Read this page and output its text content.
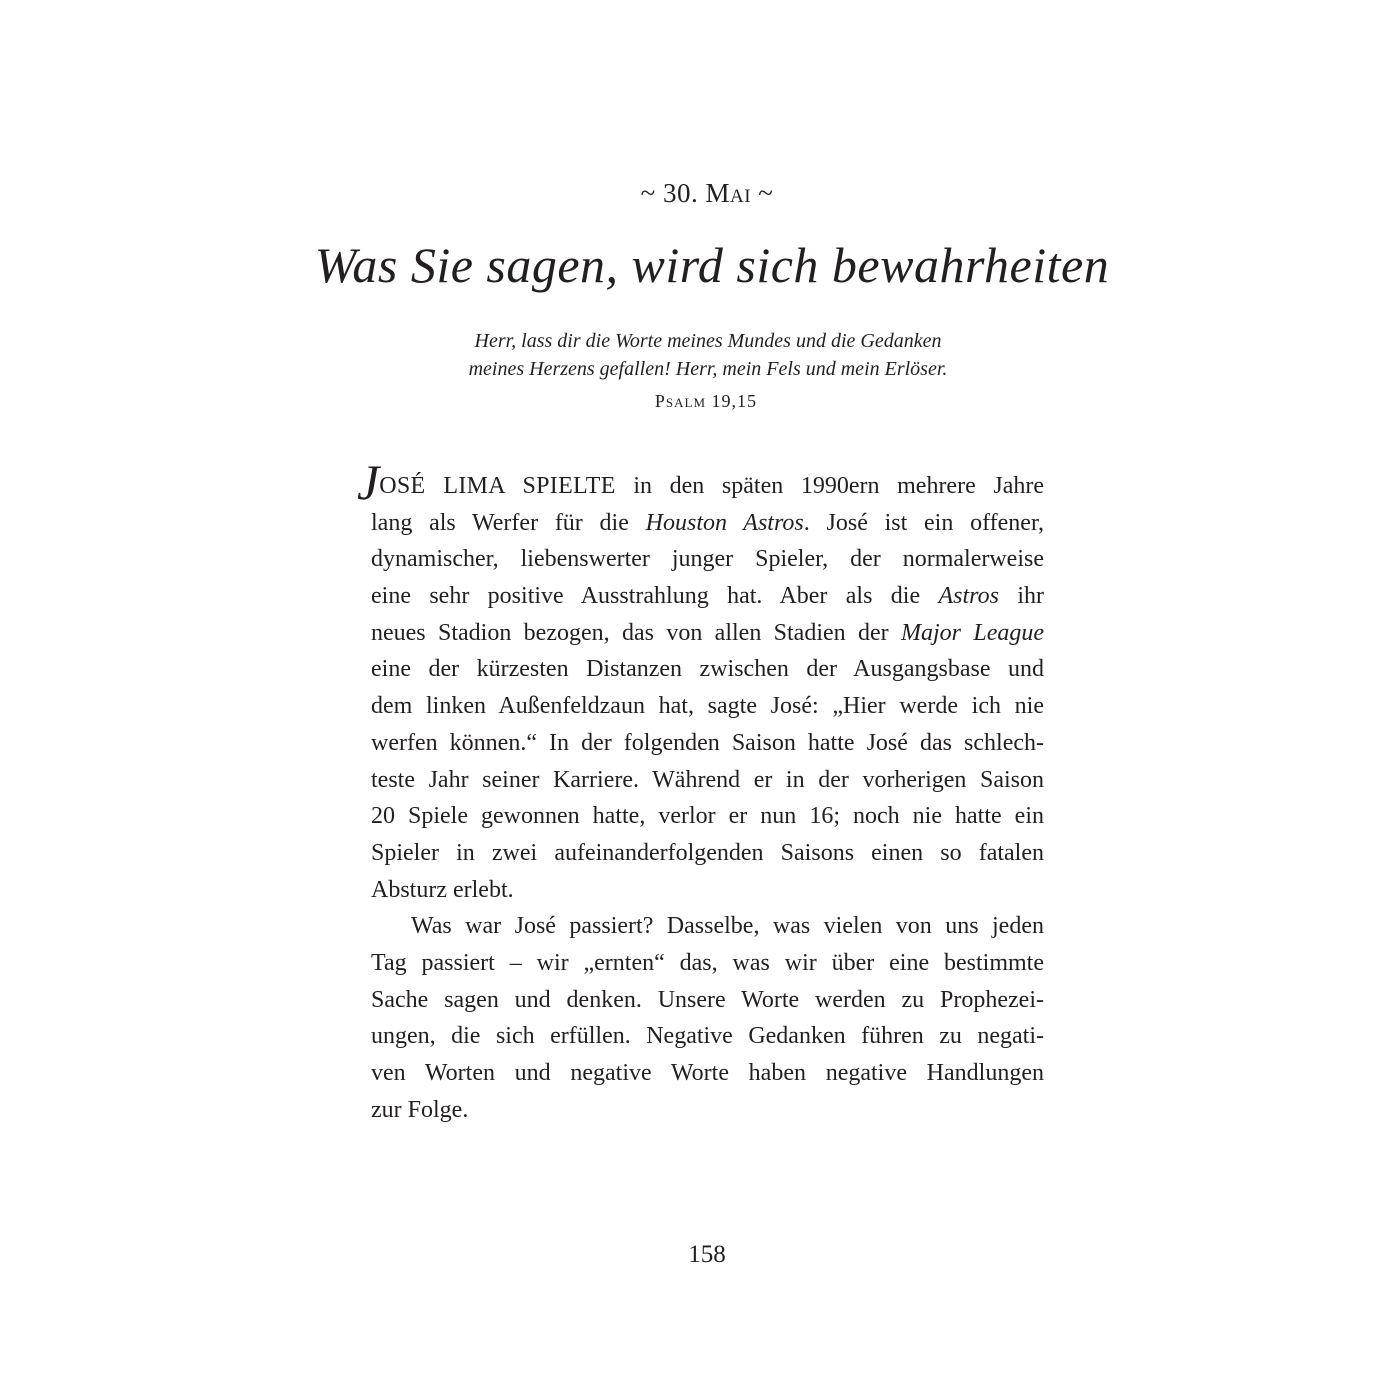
~ 30. Mai ~
Was Sie sagen, wird sich bewahrheiten
Herr, lass dir die Worte meines Mundes und die Gedanken
meines Herzens gefallen! Herr, mein Fels und mein Erlöser.
Psalm 19,15
JOSÉ LIMA SPIELTE in den späten 1990ern mehrere Jahre
lang als Werfer für die Houston Astros. José ist ein offener,
dynamischer, liebenswerter junger Spieler, der normalerweise
eine sehr positive Ausstrahlung hat. Aber als die Astros ihr
neues Stadion bezogen, das von allen Stadien der Major League
eine der kürzesten Distanzen zwischen der Ausgangsbase und
dem linken Außenfeldzaun hat, sagte José: „Hier werde ich nie
werfen können.“ In der folgenden Saison hatte José das schlech-
teste Jahr seiner Karriere. Während er in der vorherigen Saison
20 Spiele gewonnen hatte, verlor er nun 16; noch nie hatte ein
Spieler in zwei aufeinanderfolgenden Saisons einen so fatalen
Absturz erlebt.
Was war José passiert? Dasselbe, was vielen von uns jeden
Tag passiert – wir „ernten“ das, was wir über eine bestimmte
Sache sagen und denken. Unsere Worte werden zu Prophezei-
ungen, die sich erfüllen. Negative Gedanken führen zu negati-
ven Worten und negative Worte haben negative Handlungen
zur Folge.
158
